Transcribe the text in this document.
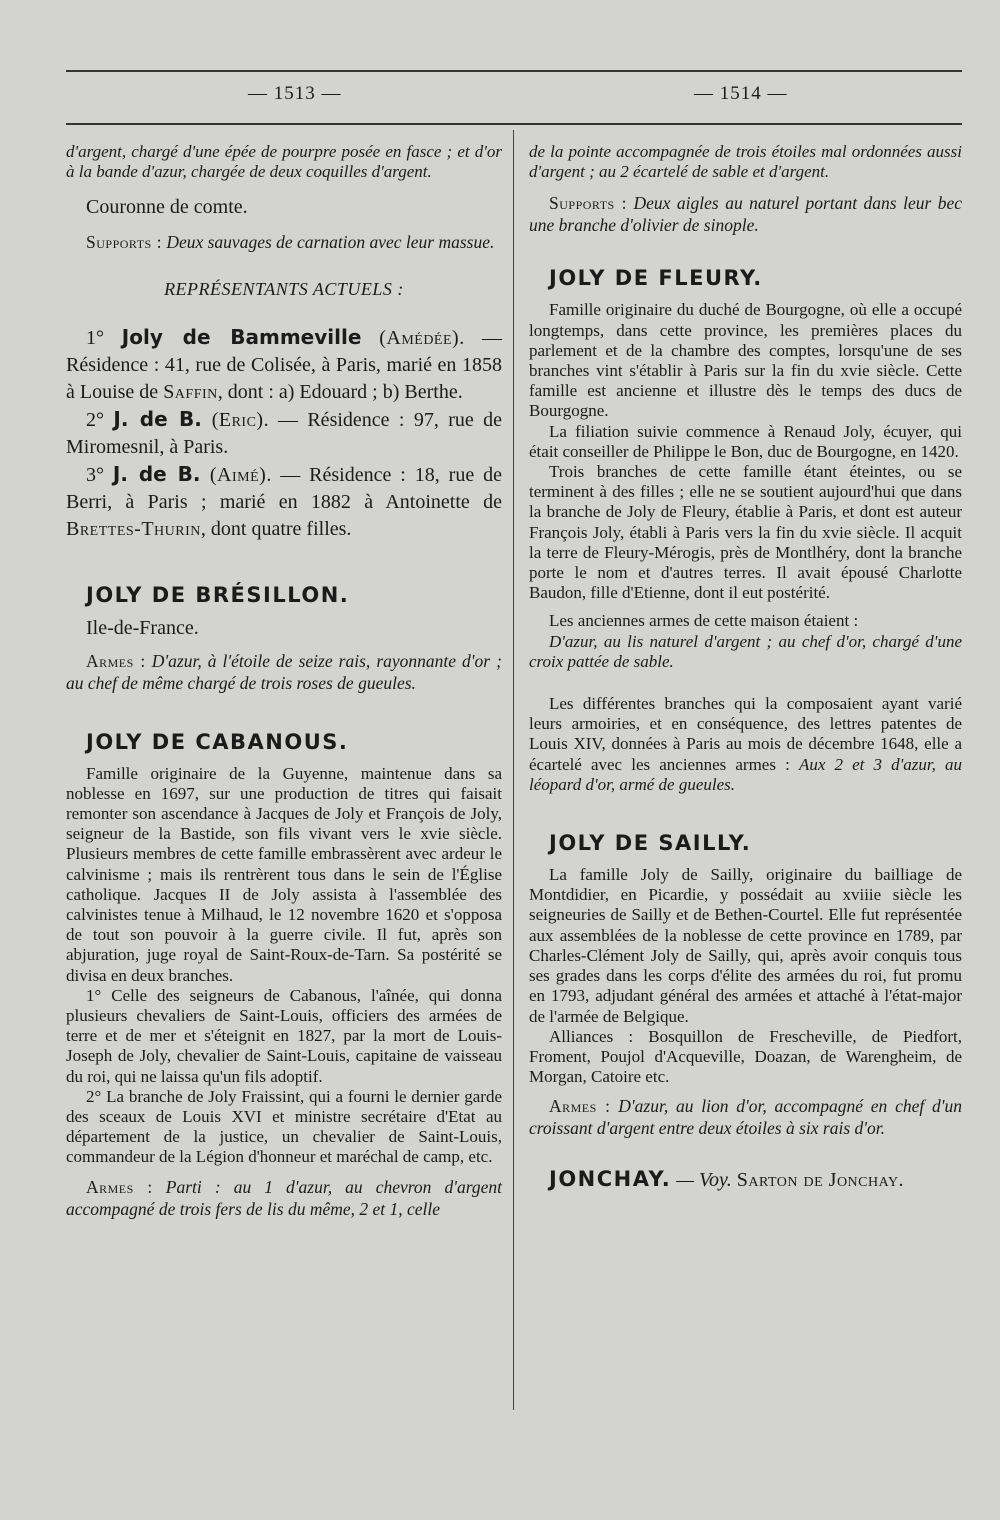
— 1513 —	— 1514 —

d'argent, chargé d'une épée de pourpre posée en fasce ; et d'or à la bande d'azur, chargée de deux coquilles d'argent.

Couronne de comte.

Supports : Deux sauvages de carnation avec leur massue.

REPRÉSENTANTS ACTUELS :

1° Joly de Bammeville (Amédée). — Résidence : 41, rue de Colisée, à Paris, marié en 1858 à Louise de Saffin, dont : a) Edouard ; b) Berthe.

2° J. de B. (Eric). — Résidence : 97, rue de Miromesnil, à Paris.

3° J. de B. (Aimé). — Résidence : 18, rue de Berri, à Paris ; marié en 1882 à Antoinette de Brettes-Thurin, dont quatre filles.

JOLY DE BRÉSILLON.

Ile-de-France.

Armes : D'azur, à l'étoile de seize rais, rayonnante d'or ; au chef de même chargé de trois roses de gueules.

JOLY DE CABANOUS.

Famille originaire de la Guyenne, maintenue dans sa noblesse en 1697, sur une production de titres qui faisait remonter son ascendance à Jacques de Joly et François de Joly, seigneur de la Bastide, son fils vivant vers le xvie siècle. Plusieurs membres de cette famille embrassèrent avec ardeur le calvinisme ; mais ils rentrèrent tous dans le sein de l'Église catholique. Jacques II de Joly assista à l'assemblée des calvinistes tenue à Milhaud, le 12 novembre 1620 et s'opposa de tout son pouvoir à la guerre civile. Il fut, après son abjuration, juge royal de Saint-Roux-de-Tarn. Sa postérité se divisa en deux branches.

1° Celle des seigneurs de Cabanous, l'aînée, qui donna plusieurs chevaliers de Saint-Louis, officiers des armées de terre et de mer et s'éteignit en 1827, par la mort de Louis-Joseph de Joly, chevalier de Saint-Louis, capitaine de vaisseau du roi, qui ne laissa qu'un fils adoptif.

2° La branche de Joly Fraissint, qui a fourni le dernier garde des sceaux de Louis XVI et ministre secrétaire d'Etat au département de la justice, un chevalier de Saint-Louis, commandeur de la Légion d'honneur et maréchal de camp, etc.

Armes : Parti : au 1 d'azur, au chevron d'argent accompagné de trois fers de lis du même, 2 et 1, celle

de la pointe accompagnée de trois étoiles mal ordonnées aussi d'argent ; au 2 écartelé de sable et d'argent.

Supports : Deux aigles au naturel portant dans leur bec une branche d'olivier de sinople.

JOLY DE FLEURY.

Famille originaire du duché de Bourgogne, où elle a occupé longtemps, dans cette province, les premières places du parlement et de la chambre des comptes, lorsqu'une de ses branches vint s'établir à Paris sur la fin du xvie siècle. Cette famille est ancienne et illustre dès le temps des ducs de Bourgogne.

La filiation suivie commence à Renaud Joly, écuyer, qui était conseiller de Philippe le Bon, duc de Bourgogne, en 1420.

Trois branches de cette famille étant éteintes, ou se terminent à des filles ; elle ne se soutient aujourd'hui que dans la branche de Joly de Fleury, établie à Paris, et dont est auteur François Joly, établi à Paris vers la fin du xvie siècle. Il acquit la terre de Fleury-Mérogis, près de Montlhéry, dont la branche porte le nom et d'autres terres. Il avait épousé Charlotte Baudon, fille d'Etienne, dont il eut postérité.

Les anciennes armes de cette maison étaient :

D'azur, au lis naturel d'argent ; au chef d'or, chargé d'une croix pattée de sable.

Les différentes branches qui la composaient ayant varié leurs armoiries, et en conséquence, des lettres patentes de Louis XIV, données à Paris au mois de décembre 1648, elle a écartelé avec les anciennes armes : Aux 2 et 3 d'azur, au léopard d'or, armé de gueules.

JOLY DE SAILLY.

La famille Joly de Sailly, originaire du bailliage de Montdidier, en Picardie, y possédait au xviiie siècle les seigneuries de Sailly et de Bethen-Courtel. Elle fut représentée aux assemblées de la noblesse de cette province en 1789, par Charles-Clément Joly de Sailly, qui, après avoir conquis tous ses grades dans les corps d'élite des armées du roi, fut promu en 1793, adjudant général des armées et attaché à l'état-major de l'armée de Belgique.

Alliances : Bosquillon de Frescheville, de Piedfort, Froment, Poujol d'Acqueville, Doazan, de Warengheim, de Morgan, Catoire etc.

Armes : D'azur, au lion d'or, accompagné en chef d'un croissant d'argent entre deux étoiles à six rais d'or.

JONCHAY. — Voy. Sarton de Jonchay.
